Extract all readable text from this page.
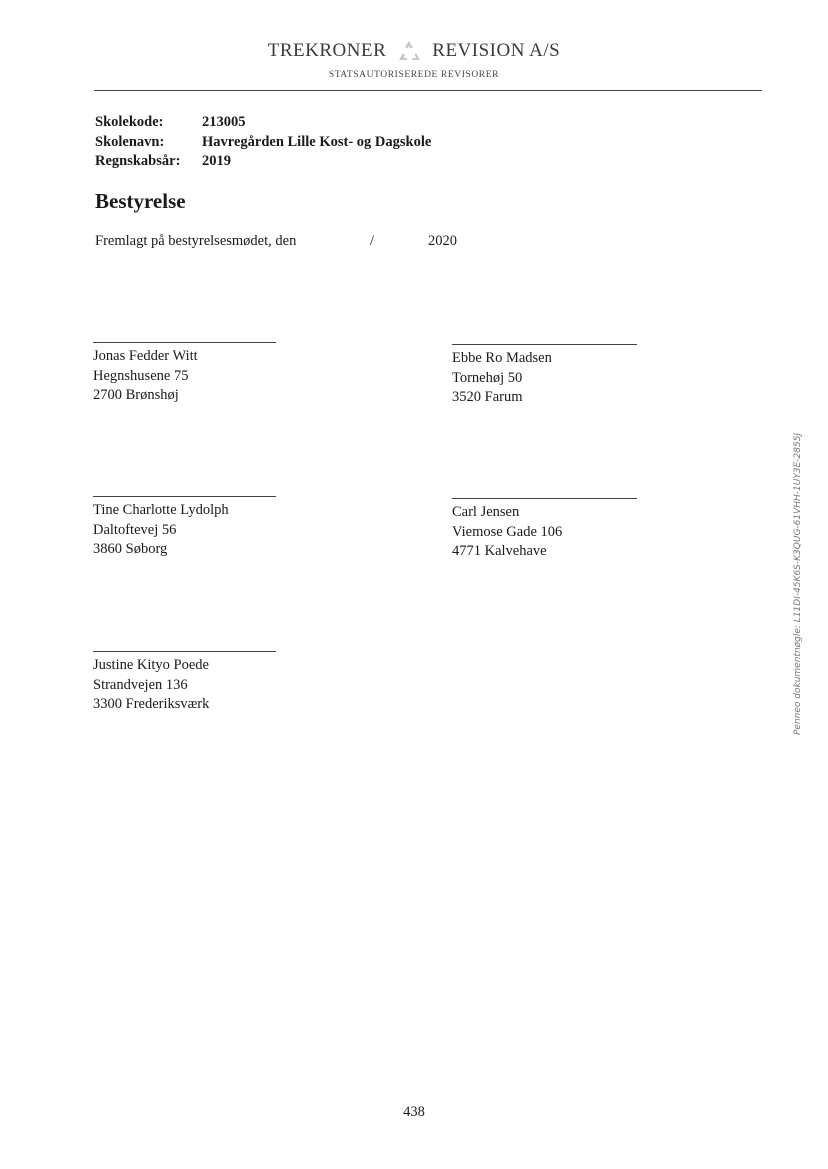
TREKRONER REVISION A/S
STATSAUTORISEREDE REVISORER
Skolekode:	213005
Skolenavn:	Havregården Lille Kost- og Dagskole
Regnskabsår:	2019
Bestyrelse
Fremlagt på bestyrelsesmødet, den	/	2020
Jonas Fedder Witt
Hegnshusene 75
2700 Brønshøj
Ebbe Ro Madsen
Tornehøj 50
3520 Farum
Tine Charlotte Lydolph
Daltoftevej 56
3860 Søborg
Carl Jensen
Viemose Gade 106
4771 Kalvehave
Justine Kityo Poede
Strandvejen 136
3300 Frederiksværk
438
Penneo dokumentnøgle: L11DI-45K6S-K3QUG-61VHH-1UY3E-2855J
